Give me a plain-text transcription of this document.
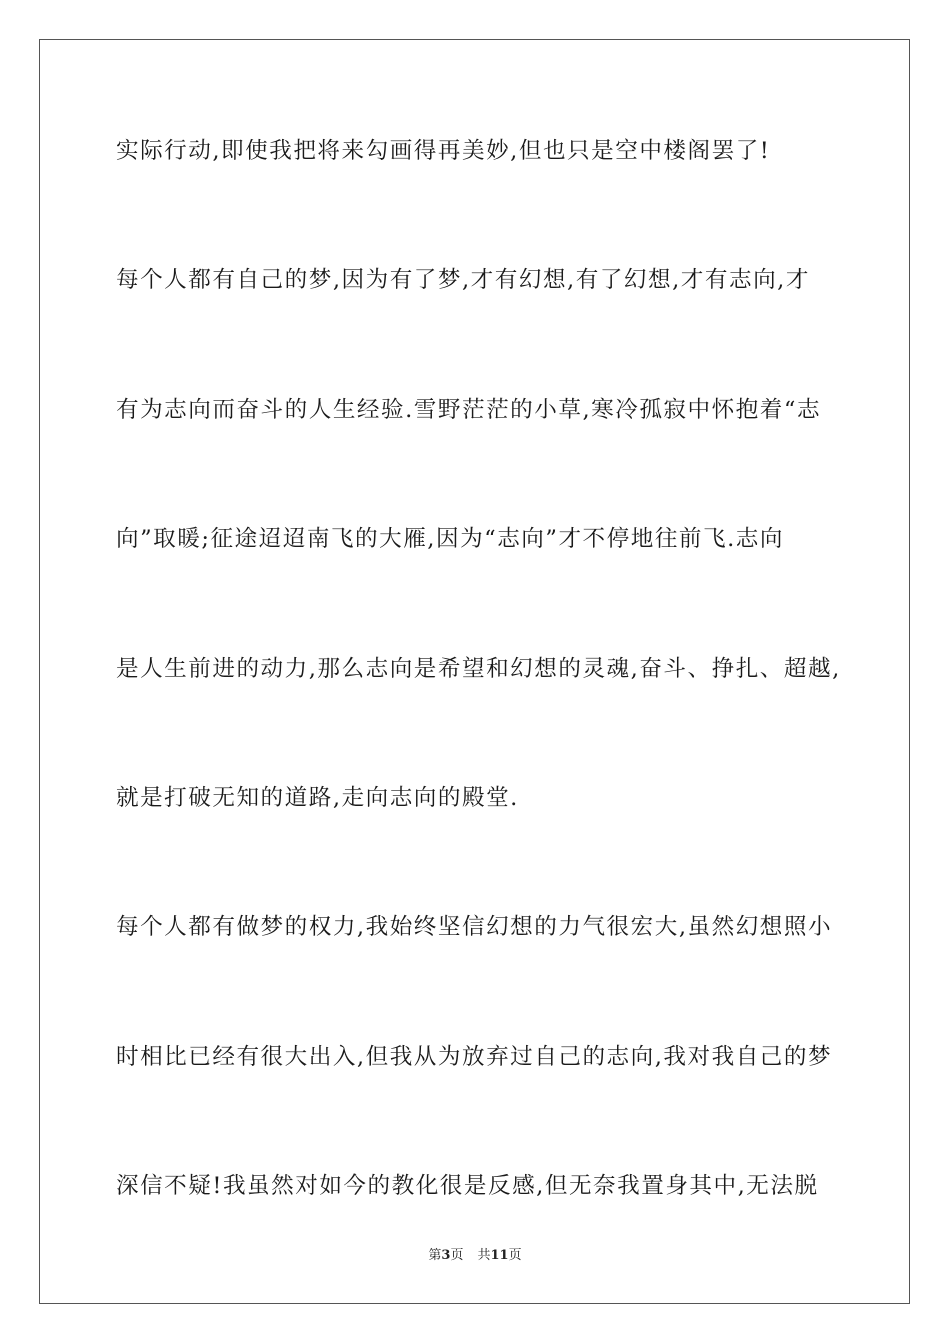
实际行动,即使我把将来勾画得再美妙,但也只是空中楼阁罢了!
每个人都有自己的梦,因为有了梦,才有幻想,有了幻想,才有志向,才
有为志向而奋斗的人生经验.雪野茫茫的小草,寒冷孤寂中怀抱着“志
向”取暖;征途迢迢南飞的大雁,因为“志向”才不停地往前飞.志向
是人生前进的动力,那么志向是希望和幻想的灵魂,奋斗、挣扎、超越,
就是打破无知的道路,走向志向的殿堂.
每个人都有做梦的权力,我始终坚信幻想的力气很宏大,虽然幻想照小
时相比已经有很大出入,但我从为放弃过自己的志向,我对我自己的梦
深信不疑!我虽然对如今的教化很是反感,但无奈我置身其中,无法脱
第3页 共11页
